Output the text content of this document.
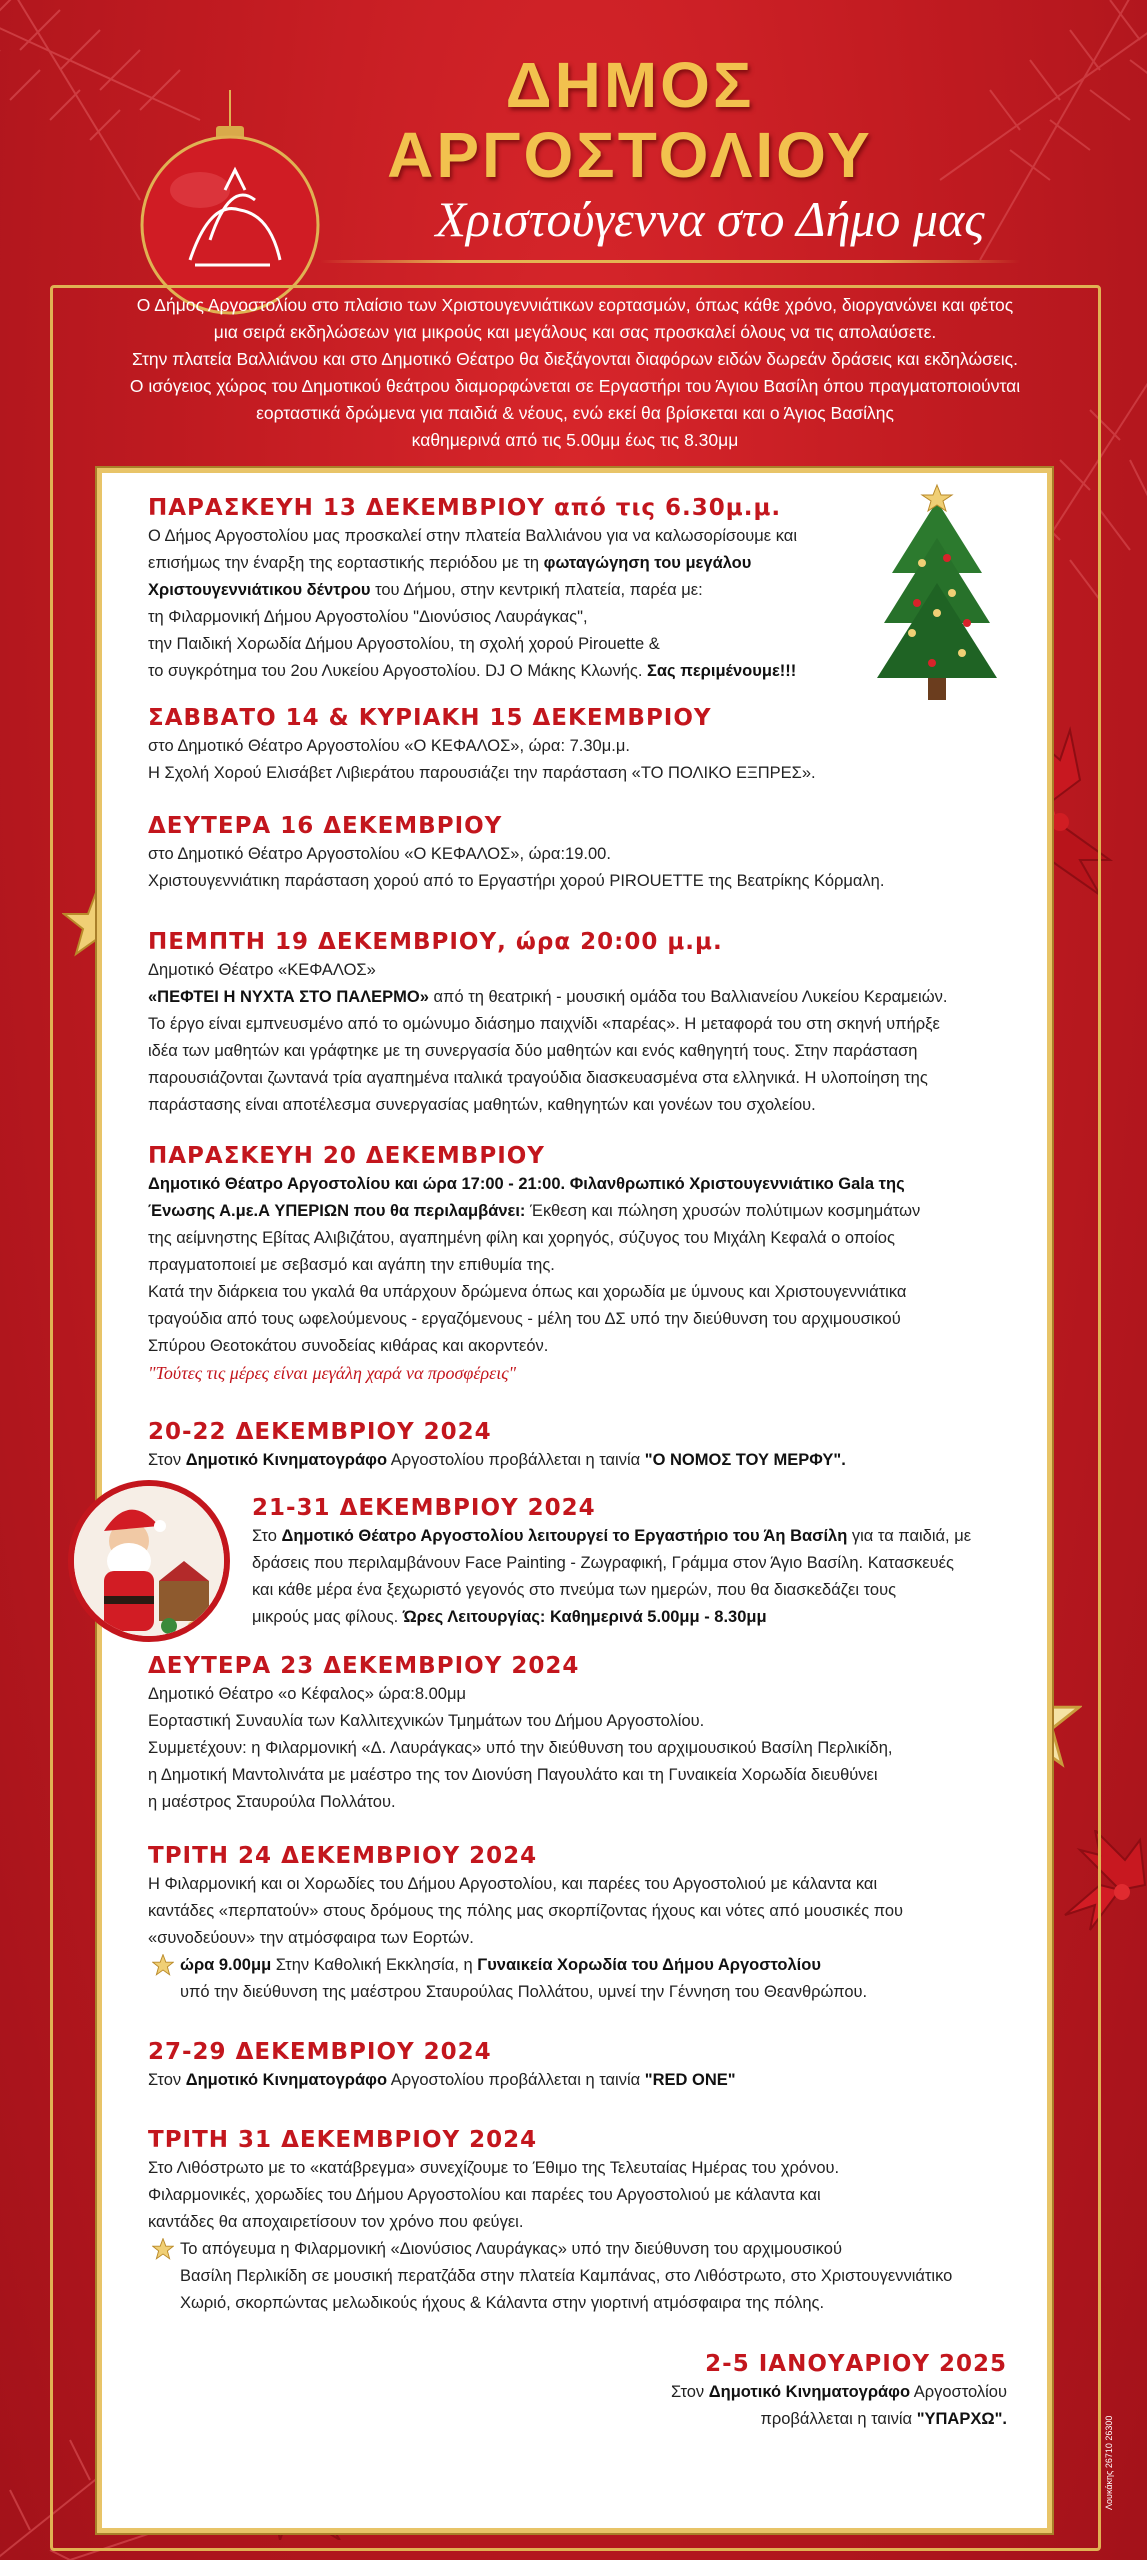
ΔΗΜΟΣ
ΑΡΓΟΣΤΟΛΙΟΥ
Χριστούγεννα στο Δήμο μας

Ο Δήμος Αργοστολίου στο πλαίσιο των Χριστουγεννιάτικων εορτασμών, όπως κάθε χρόνο, διοργανώνει και φέτος

μια σειρά εκδηλώσεων για μικρούς και μεγάλους και σας προσκαλεί όλους να τις απολαύσετε.

Στην πλατεία Βαλλιάνου και στο Δημοτικό Θέατρο θα διεξάγονται διαφόρων ειδών δωρεάν δράσεις και εκδηλώσεις.

Ο ισόγειος χώρος του Δημοτικού θεάτρου διαμορφώνεται σε Εργαστήρι του Άγιου Βασίλη όπου πραγματοποιούνται

εορταστικά δρώμενα για παιδιά & νέους, ενώ εκεί θα βρίσκεται και ο Άγιος Βασίλης

καθημερινά από τις 5.00μμ έως τις 8.30μμ

ΠΑΡΑΣΚΕΥΗ 13 ΔΕΚΕΜΒΡΙΟΥ από τις 6.30μ.μ.

Ο Δήμος Αργοστολίου μας προσκαλεί στην πλατεία Βαλλιάνου για να καλωσορίσουμε και

επισήμως την έναρξη της εορταστικής περιόδου με τη φωταγώγηση του μεγάλου

Χριστουγεννιάτικου δέντρου του Δήμου, στην κεντρική πλατεία, παρέα με:

τη Φιλαρμονική Δήμου Αργοστολίου "Διονύσιος Λαυράγκας",

την Παιδική Χορωδία Δήμου Αργοστολίου, τη σχολή χορού Pirouette &

το συγκρότημα του 2ου Λυκείου Αργοστολίου. DJ Ο Μάκης Κλωνής. Σας περιμένουμε!!!

ΣΑΒΒΑΤΟ 14 & ΚΥΡΙΑΚΗ 15 ΔΕΚΕΜΒΡΙΟΥ

στο Δημοτικό Θέατρο Αργοστολίου «Ο ΚΕΦΑΛΟΣ», ώρα: 7.30μ.μ.

Η Σχολή Χορού Ελισάβετ Λιβιεράτου παρουσιάζει την παράσταση «ΤΟ ΠΟΛΙΚΟ ΕΞΠΡΕΣ».

ΔΕΥΤΕΡΑ 16 ΔΕΚΕΜΒΡΙΟΥ

στο Δημοτικό Θέατρο Αργοστολίου «Ο ΚΕΦΑΛΟΣ», ώρα:19.00.

Χριστουγεννιάτικη παράσταση χορού από το Εργαστήρι χορού PIROUETTE της Βεατρίκης Κόρμαλη.

ΠΕΜΠΤΗ 19 ΔΕΚΕΜΒΡΙΟΥ, ώρα 20:00 μ.μ.

Δημοτικό Θέατρο «ΚΕΦΑΛΟΣ»

«ΠΕΦΤΕΙ Η ΝΥΧΤΑ ΣΤΟ ΠΑΛΕΡΜΟ» από τη θεατρική - μουσική ομάδα του Βαλλιανείου Λυκείου Κεραμειών.

Το έργο είναι εμπνευσμένο από το ομώνυμο διάσημο παιχνίδι «παρέας». Η μεταφορά του στη σκηνή υπήρξε

ιδέα των μαθητών και γράφτηκε με τη συνεργασία δύο μαθητών και ενός καθηγητή τους. Στην παράσταση

παρουσιάζονται ζωντανά τρία αγαπημένα ιταλικά τραγούδια διασκευασμένα στα ελληνικά. Η υλοποίηση της

παράστασης είναι αποτέλεσμα συνεργασίας μαθητών, καθηγητών και γονέων του σχολείου.

ΠΑΡΑΣΚΕΥΗ 20 ΔΕΚΕΜΒΡΙΟΥ

Δημοτικό Θέατρο Αργοστολίου και ώρα 17:00 - 21:00. Φιλανθρωπικό Χριστουγεννιάτικο Gala της

Ένωσης Α.με.Α ΥΠΕΡΙΩΝ που θα περιλαμβάνει: Έκθεση και πώληση χρυσών πολύτιμων κοσμημάτων

της αείμνηστης Εβίτας Αλιβιζάτου, αγαπημένη φίλη και χορηγός, σύζυγος του Μιχάλη Κεφαλά ο οποίος

πραγματοποιεί με σεβασμό και αγάπη την επιθυμία της.

Κατά την διάρκεια του γκαλά θα υπάρχουν δρώμενα όπως και χορωδία με ύμνους και Χριστουγεννιάτικα

τραγούδια από τους ωφελούμενους - εργαζόμενους - μέλη του ΔΣ υπό την διεύθυνση του αρχιμουσικού

Σπύρου Θεοτοκάτου συνοδείας κιθάρας και ακορντεόν.

"Τούτες τις μέρες είναι μεγάλη χαρά να προσφέρεις"

20-22 ΔΕΚΕΜΒΡΙΟΥ 2024

Στον Δημοτικό Κινηματογράφο Αργοστολίου προβάλλεται η ταινία "Ο ΝΟΜΟΣ ΤΟΥ ΜΕΡΦΥ".

21-31 ΔΕΚΕΜΒΡΙΟΥ 2024

Στο Δημοτικό Θέατρο Αργοστολίου λειτουργεί το Εργαστήριο του Άη Βασίλη για τα παιδιά, με

δράσεις που περιλαμβάνουν Face Painting - Ζωγραφική, Γράμμα στον Άγιο Βασίλη. Κατασκευές

και κάθε μέρα ένα ξεχωριστό γεγονός στο πνεύμα των ημερών, που θα διασκεδάζει τους

μικρούς μας φίλους. Ώρες Λειτουργίας: Καθημερινά 5.00μμ - 8.30μμ

ΔΕΥΤΕΡΑ 23 ΔΕΚΕΜΒΡΙΟΥ 2024

Δημοτικό Θέατρο «ο Κέφαλος» ώρα:8.00μμ

Εορταστική Συναυλία των Καλλιτεχνικών Τμημάτων του Δήμου Αργοστολίου.

Συμμετέχουν: η Φιλαρμονική «Δ. Λαυράγκας» υπό την διεύθυνση του αρχιμουσικού Βασίλη Περλικίδη,

η Δημοτική Μαντολινάτα με μαέστρο της τον Διονύση Παγουλάτο και τη Γυναικεία Χορωδία διευθύνει

η μαέστρος Σταυρούλα Πολλάτου.

ΤΡΙΤΗ 24 ΔΕΚΕΜΒΡΙΟΥ 2024

Η Φιλαρμονική και οι Χορωδίες του Δήμου Αργοστολίου, και παρέες του Αργοστολιού με κάλαντα και

καντάδες «περπατούν» στους δρόμους της πόλης μας σκορπίζοντας ήχους και νότες από μουσικές που

«συνοδεύουν» την ατμόσφαιρα των Εορτών.

ώρα 9.00μμ Στην Καθολική Εκκλησία, η Γυναικεία Χορωδία του Δήμου Αργοστολίου

υπό την διεύθυνση της μαέστρου Σταυρούλας Πολλάτου, υμνεί την Γέννηση του Θεανθρώπου.

27-29 ΔΕΚΕΜΒΡΙΟΥ 2024

Στον Δημοτικό Κινηματογράφο Αργοστολίου προβάλλεται η ταινία "RED ONE"

ΤΡΙΤΗ 31 ΔΕΚΕΜΒΡΙΟΥ 2024

Στο Λιθόστρωτο με το «κατάβρεγμα» συνεχίζουμε το Έθιμο της Τελευταίας Ημέρας του χρόνου.

Φιλαρμονικές, χορωδίες του Δήμου Αργοστολίου και παρέες του Αργοστολιού με κάλαντα και

καντάδες θα αποχαιρετίσουν τον χρόνο που φεύγει.

Το απόγευμα η Φιλαρμονική «Διονύσιος Λαυράγκας» υπό την διεύθυνση του αρχιμουσικού

Βασίλη Περλικίδη σε μουσική περατζάδα στην πλατεία Καμπάνας, στο Λιθόστρωτο, στο Χριστουγεννιάτικο

Χωριό, σκορπώντας μελωδικούς ήχους & Κάλαντα στην γιορτινή ατμόσφαιρα της πόλης.

2-5 ΙΑΝΟΥΑΡΙΟΥ 2025

Στον Δημοτικό Κινηματογράφο Αργοστολίου

προβάλλεται η ταινία "ΥΠΑΡΧΩ".	Λουκάκης 26710 26300
